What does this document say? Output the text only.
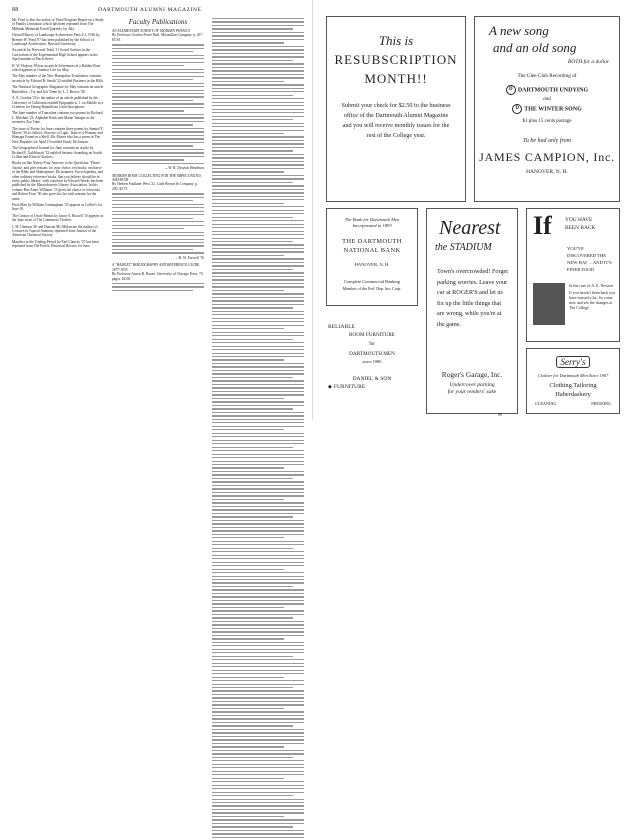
88	DARTMOUTH ALUMNI MAGAZINE

Mr. Fearl is also the author of Third Program Report on a Study of Family Limitation which has been reprinted from The Milbank Memorial Fund Quarterly for July.

Oxford History of Landscape Architecture Parts I-2, 1936 by Bremer W. Pond '07 has been published by the School of Landscape Architecture, Harvard University.

An article by Norwood Truitt '11 Social Science in the Curriculum of the Experimental High School appears in the April number of Bach Street.

H. W. Hopson '06 has an article Adventures in a Rubber Boat which appears in Outdoor Life for May.

The May number of the New Hampshire Troubadour contains an article by Edward B. Smith '32 entitled Business in the Hills.

The National Geographic Magazine for May contains an article Butterflies—Try and Get Them by L. I. Brown '38.

A. E. Gordon '23 is the author of an article published by the University of California entitled Epigraphica: 1. on Marble as a Criterion for Dating Republican Latin Inscriptions.

The June number of Transition contains two poems by Richard L. Eberhart '26, Alphabet Book and Maine Tanager in the seventies Zoo Tune.

The issue of Poetry for June contains three poems by Samuel T. Moore '30 as follows: Practice of Light, Time of a Woman, and Homage Found in a Shell. Mr. Moore also has a poem in The New Republic for April 19 entitled Emily Dickinson.

The Geographical Journal for June contains an article by Richard F. Goldthwait '33 entitled Seismic Sounding on South Crillon and Klooch Glaciers.

Books on like Ninety-Four Answers to the Questions: 'Please choose, and give reasons for your choice, ten books, exclusive of the Bible and Shakespeare, Dictionaries, Encyclopedias, and other ordinary reference books, that you believe should be in every public library,' with a preface by Edward Weeks has been published by the Massachusetts Library Association. In this volume Ben Ames Williams '10 gives his choice of ten books and Robert Frost '96 also gives his list with reasons for the same.

Pitch Man by William Cunningham '33 appears in Collier's for June 10.

The Creator of Uncle Remus by Jason A. Russell '10 appears in the June issue of The Commerce Teacher.

J. M. Gleason '40 and Duncan Mc-Millan are the authors of Lectures in Topical Anatomy reprinted from Journal of the American Chemical Society.

Manifest in the Trading Period by Earl Clancey '27 has been reprinted from The Pacific Historical Review for June.

Faculty Publications
AN ELEMENTARY SURVEY OF MODERN PHYSICS
By Professor Gordon Ferrie Hull. Macmillan Company. p. 457. $5.50.
—W. R. Drayton Hendrson
MODERN BOOK COLLECTING FOR THE IMPECUNIOUS AMATEUR
By Herbert Faulkner West '22. Little Brown & Company. p. 209. $2.75.
—H. W. Farwell '10
A "HAMLET" BIBLIOGRAPHY AND REFERENCE GUIDE, 1877-1935
By Professor Anson B. Raven. University of Chicago Press. 70. pages. $2.00.
This is
RESUBSCRIPTION
MONTH!!
Submit your check for $2.50 to the business office of the Dartmouth Alumni Magazine and you will receive monthly issues for the rest of the College year.
A new song
and an old song
BOTH for a dollar
The Glee Club Recording of
D DARTMOUTH UNDYING
and
D THE WINTER SONG
$1 plus 15 cents postage
To be had only from
JAMES CAMPION, Inc.
HANOVER, N. H.
The Bank for Dartmouth Men
Incorporated in 1893
THE DARTMOUTH
NATIONAL BANK
HANOVER, N. H.
Complete Commercial Banking
Member of the Fed. Dep. Ins. Corp.
Nearest
the STADIUM
Town's overcrowded! Forget parking worries. Leave your car at ROGER'S and let us fix up the little things that are wrong, while you're at the game.
RELIABLE
ROOM FURNITURE
for
DARTMOUTH MEN
since 1886
DANIEL & SON
◆ FURNITURE
If YOU HAVE
BEEN BACK
YOU'VE DISCOVERED THE NEW HAT ... AND IT'S FINER FOOD
In the case of A. E. Newton
If you haven't been back you have missed a lot. So come now and see the changes at The College.
Serry's
Clothier for Dartmouth Men Since 1907
Clothing Tailoring
Haberdashery
CLEANING	PRESSING
89
Roger's Garage, Inc.
Undercover parking
for your tenders' sake
